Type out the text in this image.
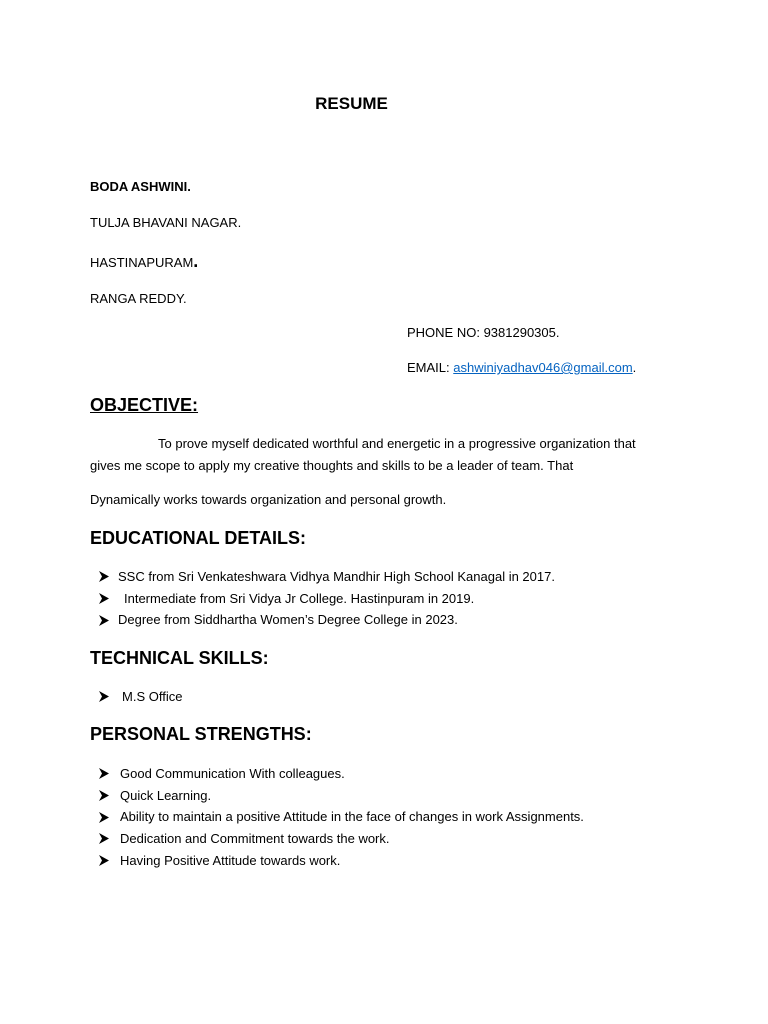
RESUME
BODA ASHWINI.
TULJA BHAVANI NAGAR.
HASTINAPURAM.
RANGA REDDY.
PHONE NO: 9381290305.
EMAIL: ashwiniyadhav046@gmail.com.
OBJECTIVE:
To prove myself dedicated worthful and energetic in a progressive organization that
gives me scope to apply my creative thoughts and skills to be a leader of team. That
Dynamically works towards organization and personal growth.
EDUCATIONAL DETAILS:
SSC from Sri Venkateshwara Vidhya Mandhir High School Kanagal in 2017.
Intermediate from Sri Vidya Jr College. Hastinpuram in 2019.
Degree from Siddhartha Women’s Degree College in 2023.
TECHNICAL SKILLS:
M.S Office
PERSONAL STRENGTHS:
Good Communication With colleagues.
Quick Learning.
Ability to maintain a positive Attitude in the face of changes in work Assignments.
Dedication and Commitment towards the work.
Having Positive Attitude towards work.
